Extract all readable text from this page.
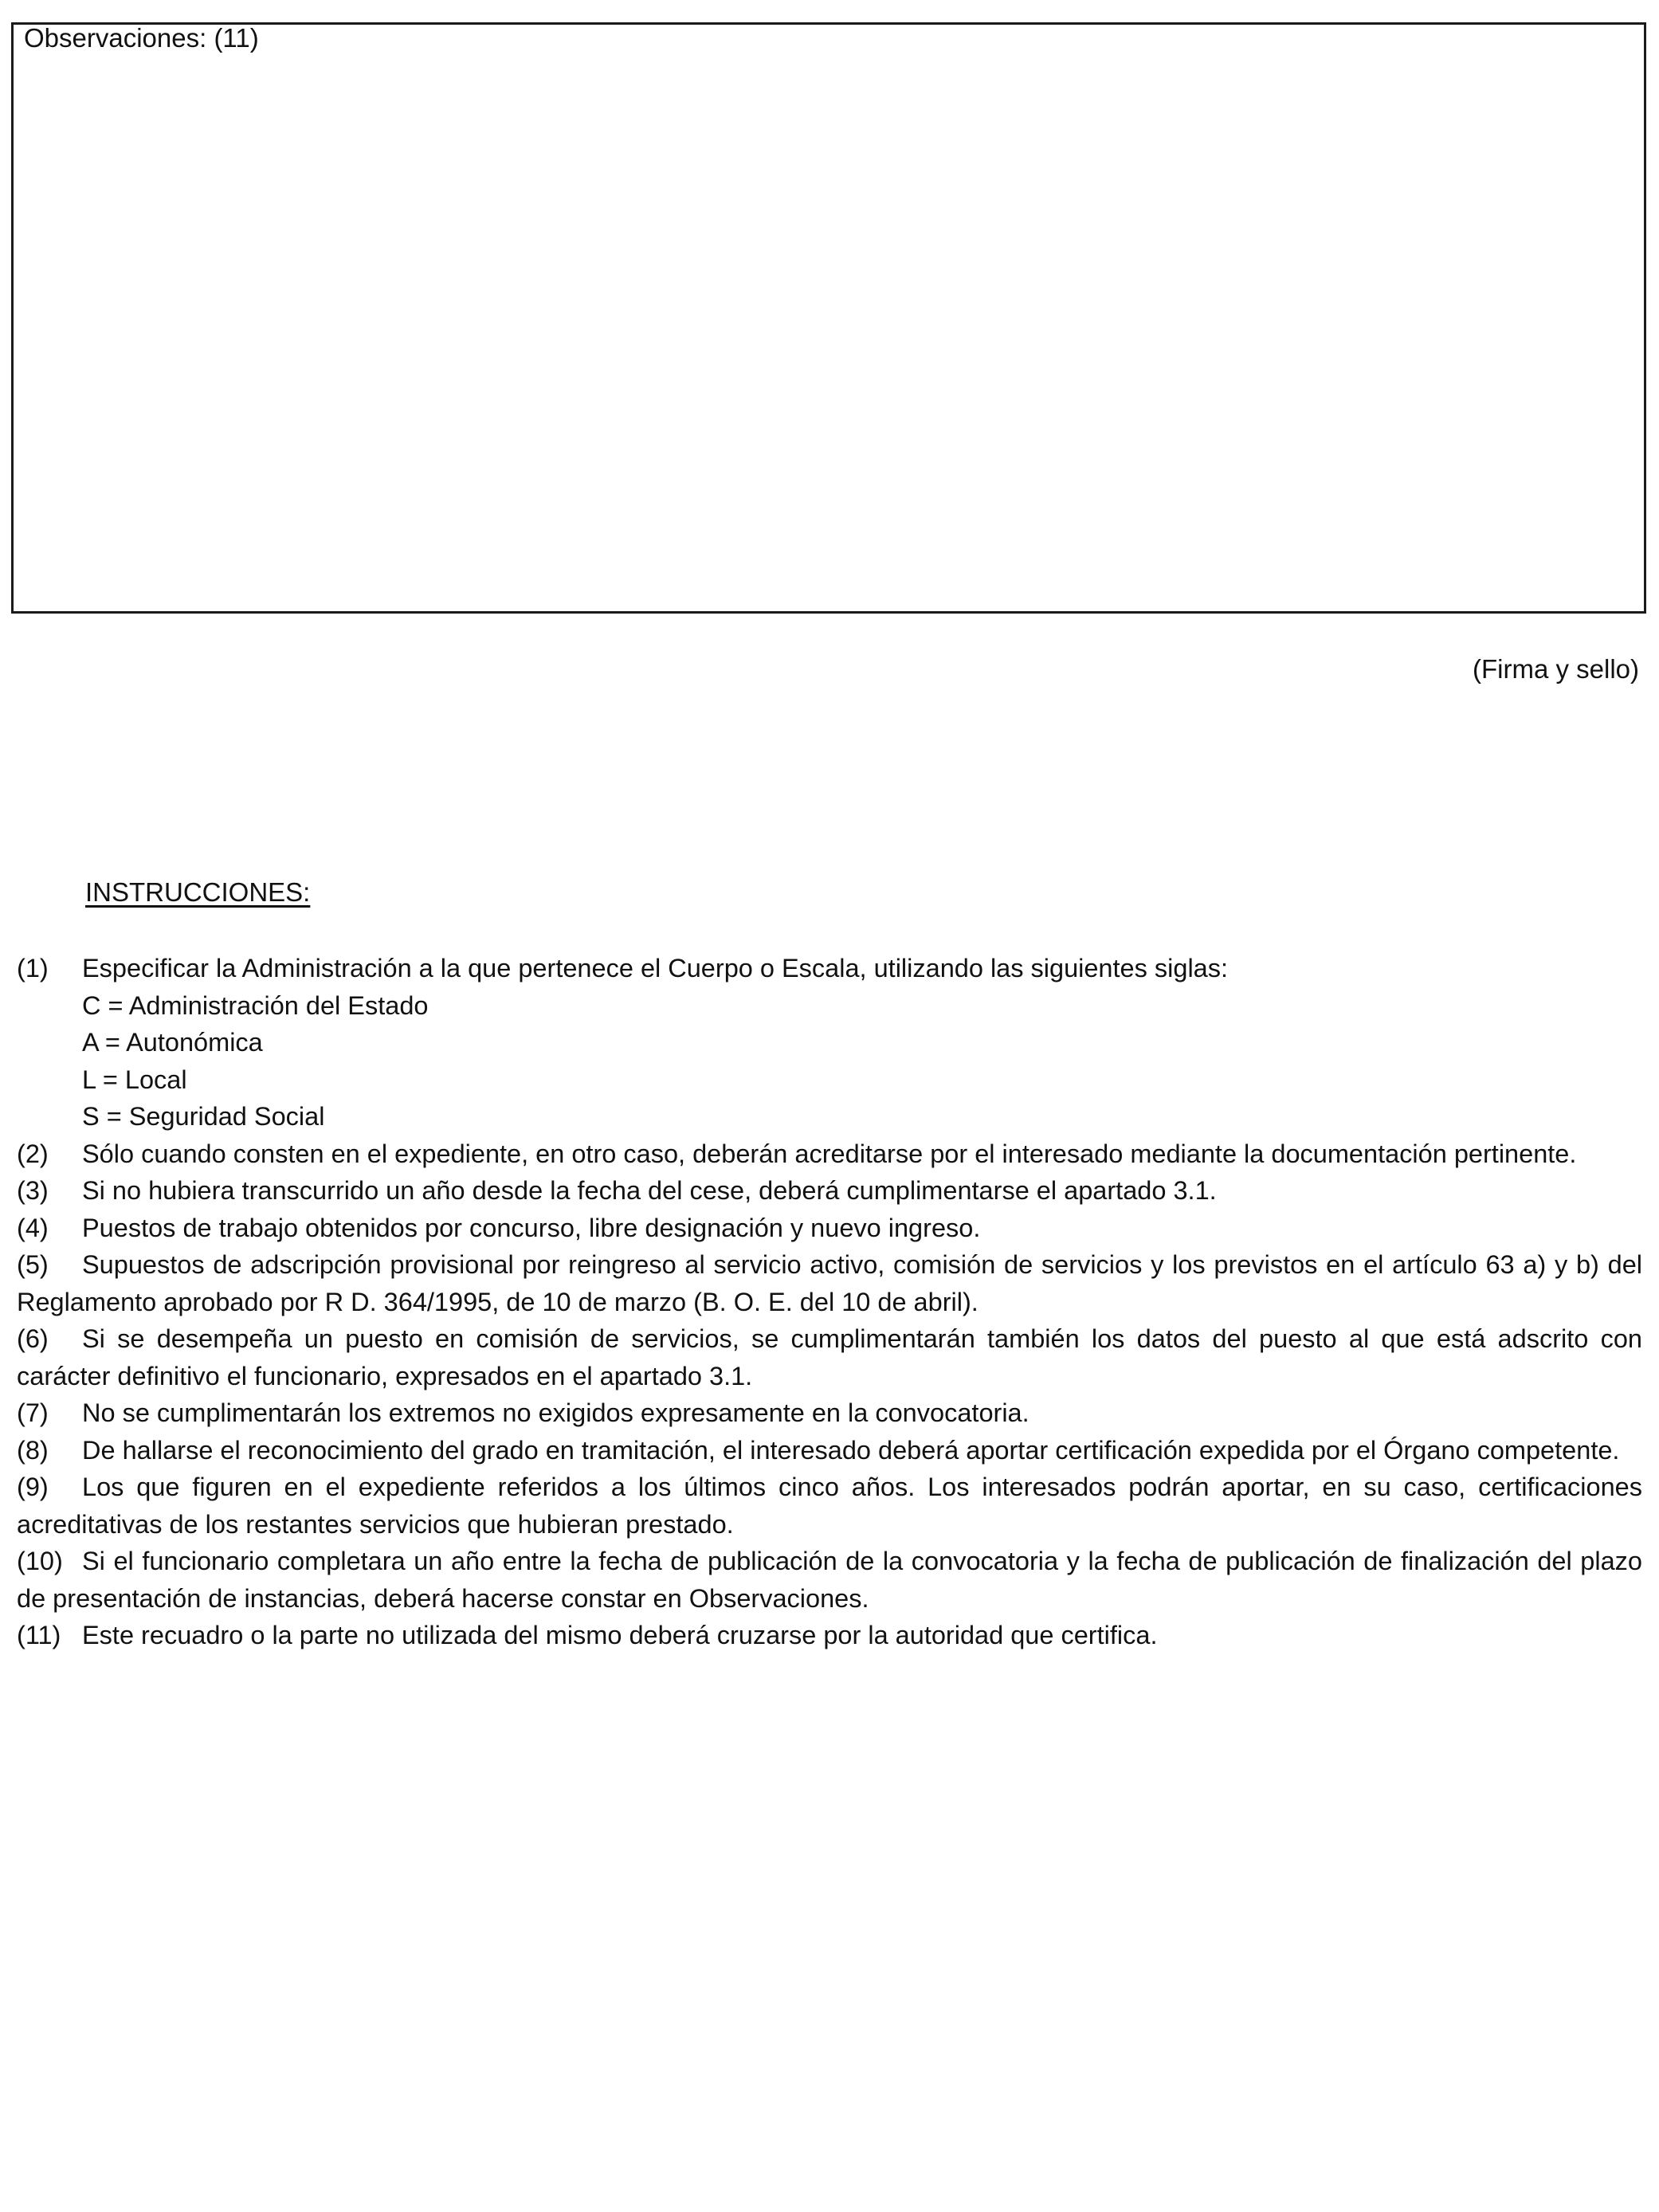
Observaciones: (11)
(Firma y sello)
INSTRUCCIONES:
(1) Especificar la Administración a la que pertenece el Cuerpo o Escala, utilizando las siguientes siglas:
C = Administración del Estado
A = Autonómica
L = Local
S = Seguridad Social
(2) Sólo cuando consten en el expediente, en otro caso, deberán acreditarse por el interesado mediante la documentación pertinente.
(3) Si no hubiera transcurrido un año desde la fecha del cese, deberá cumplimentarse el apartado 3.1.
(4) Puestos de trabajo obtenidos por concurso, libre designación y nuevo ingreso.
(5) Supuestos de adscripción provisional por reingreso al servicio activo, comisión de servicios y los previstos en el artículo 63 a) y b) del Reglamento aprobado por R D. 364/1995, de 10 de marzo (B. O. E. del 10 de abril).
(6) Si se desempeña un puesto en comisión de servicios, se cumplimentarán también los datos del puesto al que está adscrito con carácter definitivo el funcionario, expresados en el apartado 3.1.
(7) No se cumplimentarán los extremos no exigidos expresamente en la convocatoria.
(8) De hallarse el reconocimiento del grado en tramitación, el interesado deberá aportar certificación expedida por el Órgano competente.
(9) Los que figuren en el expediente referidos a los últimos cinco años. Los interesados podrán aportar, en su caso, certificaciones acreditativas de los restantes servicios que hubieran prestado.
(10) Si el funcionario completara un año entre la fecha de publicación de la convocatoria y la fecha de publicación de finalización del plazo de presentación de instancias, deberá hacerse constar en Observaciones.
(11) Este recuadro o la parte no utilizada del mismo deberá cruzarse por la autoridad que certifica.
